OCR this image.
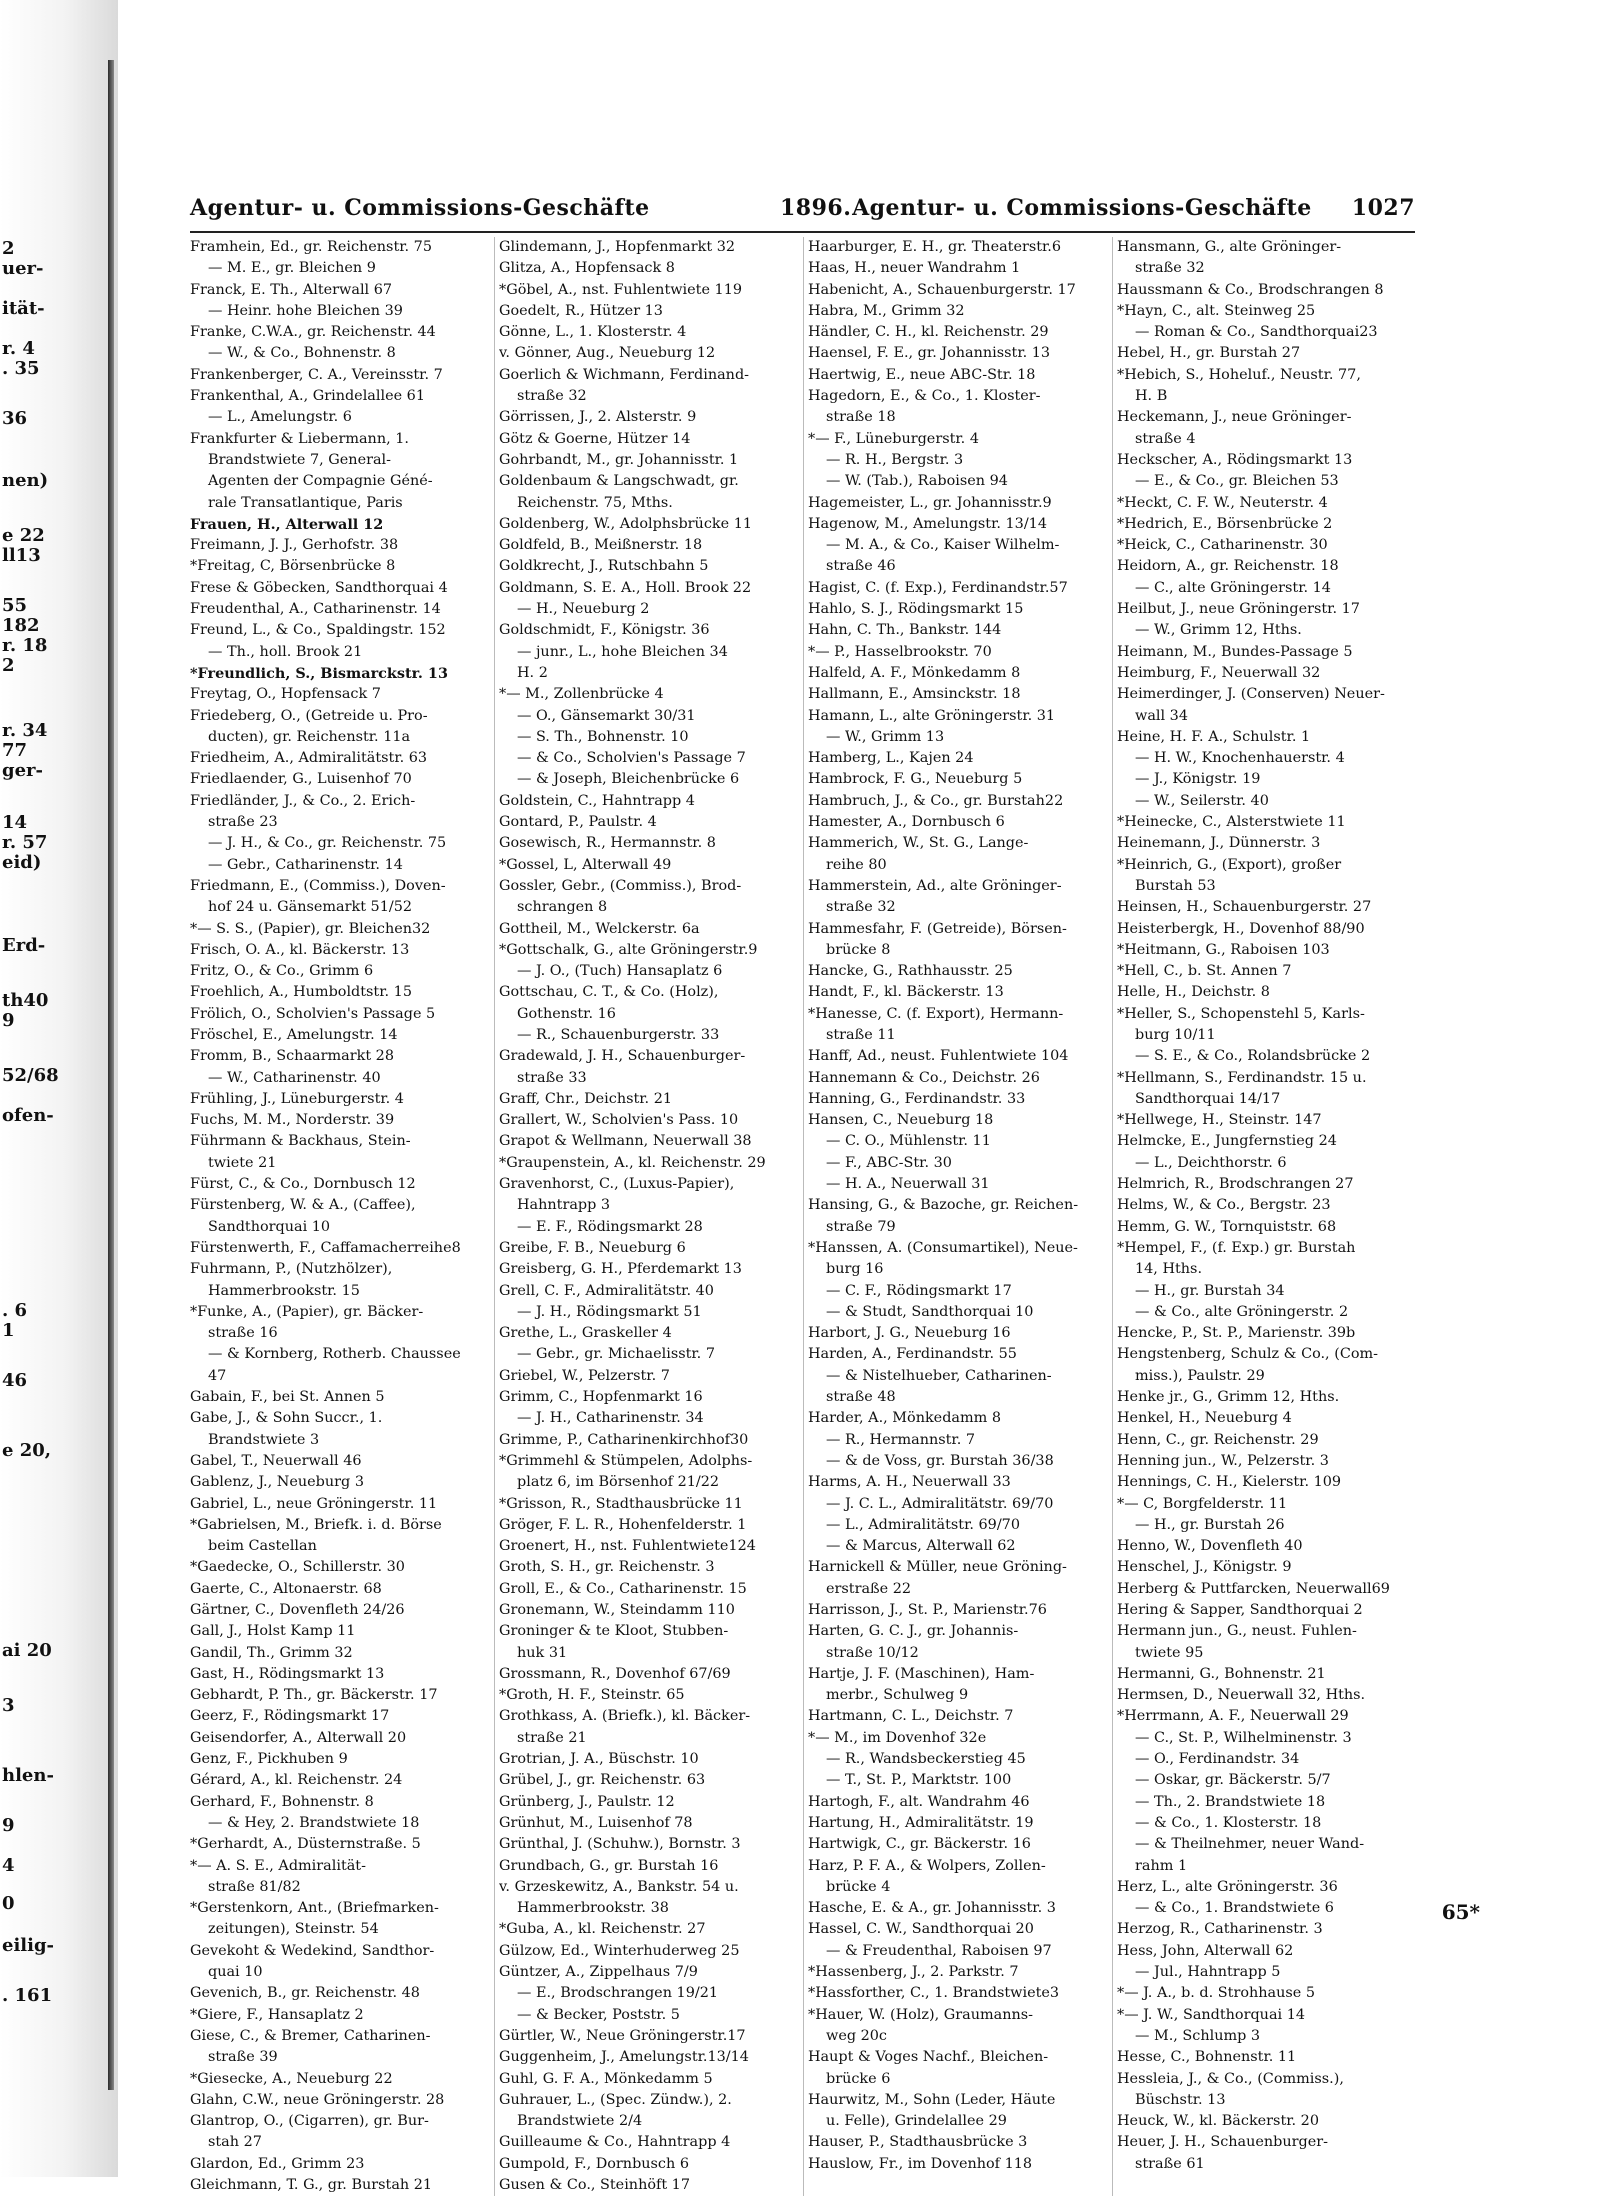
2
uer-
ität-
r. 4
. 35
36
nen)
e 22
ll13
55
182
r. 18
2
r. 34
77
ger-
14
r. 57
eid)
Erd-
th40
9
52/68
ofen-
. 6
1
46
e 20,
ai 20
3
hlen-
9
4
0
eilig-
. 161
Agentur- u. Commissions-Geschäfte	1896. Agentur- u. Commissions-Geschäfte 1027
Framhein, Ed., gr. Reichenstr. 75
— M. E., gr. Bleichen 9
Franck, E. Th., Alterwall 67
— Heinr. hohe Bleichen 39
Franke, C.W.A., gr. Reichenstr. 44
— W., & Co., Bohnenstr. 8
Frankenberger, C. A., Vereinsstr. 7
Frankenthal, A., Grindelallee 61
— L., Amelungstr. 6
Frankfurter & Liebermann, 1.
Brandstwiete 7, General-
Agenten der Compagnie Géné-
rale Transatlantique, Paris
Frauen, H., Alterwall 12
Freimann, J. J., Gerhofstr. 38
*Freitag, C, Börsenbrücke 8
Frese & Göbecken, Sandthorquai 4
Freudenthal, A., Catharinenstr. 14
Freund, L., & Co., Spaldingstr. 152
— Th., holl. Brook 21
*Freundlich, S., Bismarckstr. 13
Freytag, O., Hopfensack 7
Friedeberg, O., (Getreide u. Pro-
ducten), gr. Reichenstr. 11a
Friedheim, A., Admiralitätstr. 63
Friedlaender, G., Luisenhof 70
Friedländer, J., & Co., 2. Erich-
straße 23
— J. H., & Co., gr. Reichenstr. 75
— Gebr., Catharinenstr. 14
Friedmann, E., (Commiss.), Doven-
hof 24 u. Gänsemarkt 51/52
*— S. S., (Papier), gr. Bleichen32
Frisch, O. A., kl. Bäckerstr. 13
Fritz, O., & Co., Grimm 6
Froehlich, A., Humboldtstr. 15
Frölich, O., Scholvien's Passage 5
Fröschel, E., Amelungstr. 14
Fromm, B., Schaarmarkt 28
— W., Catharinenstr. 40
Frühling, J., Lüneburgerstr. 4
Fuchs, M. M., Norderstr. 39
Führmann & Backhaus, Stein-
twiete 21
Fürst, C., & Co., Dornbusch 12
Fürstenberg, W. & A., (Caffee),
Sandthorquai 10
Fürstenwerth, F., Caffamacherreihe8
Fuhrmann, P., (Nutzhölzer),
Hammerbrookstr. 15
*Funke, A., (Papier), gr. Bäcker-
straße 16
— & Kornberg, Rotherb. Chaussee
47
Gabain, F., bei St. Annen 5
Gabe, J., & Sohn Succr., 1.
Brandstwiete 3
Gabel, T., Neuerwall 46
Gablenz, J., Neueburg 3
Gabriel, L., neue Gröningerstr. 11
*Gabrielsen, M., Briefk. i. d. Börse
beim Castellan
*Gaedecke, O., Schillerstr. 30
Gaerte, C., Altonaerstr. 68
Gärtner, C., Dovenfleth 24/26
Gall, J., Holst Kamp 11
Gandil, Th., Grimm 32
Gast, H., Rödingsmarkt 13
Gebhardt, P. Th., gr. Bäckerstr. 17
Geerz, F., Rödingsmarkt 17
Geisendorfer, A., Alterwall 20
Genz, F., Pickhuben 9
Gérard, A., kl. Reichenstr. 24
Gerhard, F., Bohnenstr. 8
— & Hey, 2. Brandstwiete 18
*Gerhardt, A., Düsternstraße. 5
*— A. S. E., Admiralität-
straße 81/82
*Gerstenkorn, Ant., (Briefmarken-
zeitungen), Steinstr. 54
Gevekoht & Wedekind, Sandthor-
quai 10
Gevenich, B., gr. Reichenstr. 48
*Giere, F., Hansaplatz 2
Giese, C., & Bremer, Catharinen-
straße 39
*Giesecke, A., Neueburg 22
Glahn, C.W., neue Gröningerstr. 28
Glantrop, O., (Cigarren), gr. Bur-
stah 27
Glardon, Ed., Grimm 23
Gleichmann, T. G., gr. Burstah 21
Glindemann, J., Hopfenmarkt 32
Glitza, A., Hopfensack 8
*Göbel, A., nst. Fuhlentwiete 119
Goedelt, R., Hützer 13
Gönne, L., 1. Klosterstr. 4
v. Gönner, Aug., Neueburg 12
Goerlich & Wichmann, Ferdinand-
straße 32
Görrissen, J., 2. Alsterstr. 9
Götz & Goerne, Hützer 14
Gohrbandt, M., gr. Johannisstr. 1
Goldenbaum & Langschwadt, gr.
Reichenstr. 75, Mths.
Goldenberg, W., Adolphsbrücke 11
Goldfeld, B., Meißnerstr. 18
Goldkrecht, J., Rutschbahn 5
Goldmann, S. E. A., Holl. Brook 22
— H., Neueburg 2
Goldschmidt, F., Königstr. 36
— junr., L., hohe Bleichen 34
H. 2
*— M., Zollenbrücke 4
— O., Gänsemarkt 30/31
— S. Th., Bohnenstr. 10
— & Co., Scholvien's Passage 7
— & Joseph, Bleichenbrücke 6
Goldstein, C., Hahntrapp 4
Gontard, P., Paulstr. 4
Gosewisch, R., Hermannstr. 8
*Gossel, L, Alterwall 49
Gossler, Gebr., (Commiss.), Brod-
schrangen 8
Gottheil, M., Welckerstr. 6a
*Gottschalk, G., alte Gröningerstr.9
— J. O., (Tuch) Hansaplatz 6
Gottschau, C. T., & Co. (Holz),
Gothenstr. 16
— R., Schauenburgerstr. 33
Gradewald, J. H., Schauenburger-
straße 33
Graff, Chr., Deichstr. 21
Grallert, W., Scholvien's Pass. 10
Grapot & Wellmann, Neuerwall 38
*Graupenstein, A., kl. Reichenstr. 29
Gravenhorst, C., (Luxus-Papier),
Hahntrapp 3
— E. F., Rödingsmarkt 28
Greibe, F. B., Neueburg 6
Greisberg, G. H., Pferdemarkt 13
Grell, C. F., Admiralitätstr. 40
— J. H., Rödingsmarkt 51
Grethe, L., Graskeller 4
— Gebr., gr. Michaelisstr. 7
Griebel, W., Pelzerstr. 7
Grimm, C., Hopfenmarkt 16
— J. H., Catharinenstr. 34
Grimme, P., Catharinenkirchhof30
*Grimmehl & Stümpelen, Adolphs-
platz 6, im Börsenhof 21/22
*Grisson, R., Stadthausbrücke 11
Gröger, F. L. R., Hohenfelderstr. 1
Groenert, H., nst. Fuhlentwiete124
Groth, S. H., gr. Reichenstr. 3
Groll, E., & Co., Catharinenstr. 15
Gronemann, W., Steindamm 110
Groninger & te Kloot, Stubben-
huk 31
Grossmann, R., Dovenhof 67/69
*Groth, H. F., Steinstr. 65
Grothkass, A. (Briefk.), kl. Bäcker-
straße 21
Grotrian, J. A., Büschstr. 10
Grübel, J., gr. Reichenstr. 63
Grünberg, J., Paulstr. 12
Grünhut, M., Luisenhof 78
Grünthal, J. (Schuhw.), Bornstr. 3
Grundbach, G., gr. Burstah 16
v. Grzeskewitz, A., Bankstr. 54 u.
Hammerbrookstr. 38
*Guba, A., kl. Reichenstr. 27
Gülzow, Ed., Winterhuderweg 25
Güntzer, A., Zippelhaus 7/9
— E., Brodschrangen 19/21
— & Becker, Poststr. 5
Gürtler, W., Neue Gröningerstr.17
Guggenheim, J., Amelungstr.13/14
Guhl, G. F. A., Mönkedamm 5
Guhrauer, L., (Spec. Zündw.), 2.
Brandstwiete 2/4
Guilleaume & Co., Hahntrapp 4
Gumpold, F., Dornbusch 6
Gusen & Co., Steinhöft 17
Haarburger, E. H., gr. Theaterstr.6
Haas, H., neuer Wandrahm 1
Habenicht, A., Schauenburgerstr. 17
Habra, M., Grimm 32
Händler, C. H., kl. Reichenstr. 29
Haensel, F. E., gr. Johannisstr. 13
Haertwig, E., neue ABC-Str. 18
Hagedorn, E., & Co., 1. Kloster-
straße 18
*— F., Lüneburgerstr. 4
— R. H., Bergstr. 3
— W. (Tab.), Raboisen 94
Hagemeister, L., gr. Johannisstr.9
Hagenow, M., Amelungstr. 13/14
— M. A., & Co., Kaiser Wilhelm-
straße 46
Hagist, C. (f. Exp.), Ferdinandstr.57
Hahlo, S. J., Rödingsmarkt 15
Hahn, C. Th., Bankstr. 144
*— P., Hasselbrookstr. 70
Halfeld, A. F., Mönkedamm 8
Hallmann, E., Amsinckstr. 18
Hamann, L., alte Gröningerstr. 31
— W., Grimm 13
Hamberg, L., Kajen 24
Hambrock, F. G., Neueburg 5
Hambruch, J., & Co., gr. Burstah22
Hamester, A., Dornbusch 6
Hammerich, W., St. G., Lange-
reihe 80
Hammerstein, Ad., alte Gröninger-
straße 32
Hammesfahr, F. (Getreide), Börsen-
brücke 8
Hancke, G., Rathhausstr. 25
Handt, F., kl. Bäckerstr. 13
*Hanesse, C. (f. Export), Hermann-
straße 11
Hanff, Ad., neust. Fuhlentwiete 104
Hannemann & Co., Deichstr. 26
Hanning, G., Ferdinandstr. 33
Hansen, C., Neueburg 18
— C. O., Mühlenstr. 11
— F., ABC-Str. 30
— H. A., Neuerwall 31
Hansing, G., & Bazoche, gr. Reichen-
straße 79
*Hanssen, A. (Consumartikel), Neue-
burg 16
— C. F., Rödingsmarkt 17
— & Studt, Sandthorquai 10
Harbort, J. G., Neueburg 16
Harden, A., Ferdinandstr. 55
— & Nistelhueber, Catharinen-
straße 48
Harder, A., Mönkedamm 8
— R., Hermannstr. 7
— & de Voss, gr. Burstah 36/38
Harms, A. H., Neuerwall 33
— J. C. L., Admiralitätstr. 69/70
— L., Admiralitätstr. 69/70
— & Marcus, Alterwall 62
Harnickell & Müller, neue Gröning-
erstraße 22
Harrisson, J., St. P., Marienstr.76
Harten, G. C. J., gr. Johannis-
straße 10/12
Hartje, J. F. (Maschinen), Ham-
merbr., Schulweg 9
Hartmann, C. L., Deichstr. 7
*— M., im Dovenhof 32e
— R., Wandsbeckerstieg 45
— T., St. P., Marktstr. 100
Hartogh, F., alt. Wandrahm 46
Hartung, H., Admiralitätstr. 19
Hartwigk, C., gr. Bäckerstr. 16
Harz, P. F. A., & Wolpers, Zollen-
brücke 4
Hasche, E. & A., gr. Johannisstr. 3
Hassel, C. W., Sandthorquai 20
— & Freudenthal, Raboisen 97
*Hassenberg, J., 2. Parkstr. 7
*Hassforther, C., 1. Brandstwiete3
*Hauer, W. (Holz), Graumanns-
weg 20c
Haupt & Voges Nachf., Bleichen-
brücke 6
Haurwitz, M., Sohn (Leder, Häute
u. Felle), Grindelallee 29
Hauser, P., Stadthausbrücke 3
Hauslow, Fr., im Dovenhof 118
Hansmann, G., alte Gröninger-
straße 32
Haussmann & Co., Brodschrangen 8
*Hayn, C., alt. Steinweg 25
— Roman & Co., Sandthorquai23
Hebel, H., gr. Burstah 27
*Hebich, S., Hoheluf., Neustr. 77,
H. B
Heckemann, J., neue Gröninger-
straße 4
Heckscher, A., Rödingsmarkt 13
— E., & Co., gr. Bleichen 53
*Heckt, C. F. W., Neuterstr. 4
*Hedrich, E., Börsenbrücke 2
*Heick, C., Catharinenstr. 30
Heidorn, A., gr. Reichenstr. 18
— C., alte Gröningerstr. 14
Heilbut, J., neue Gröningerstr. 17
— W., Grimm 12, Hths.
Heimann, M., Bundes-Passage 5
Heimburg, F., Neuerwall 32
Heimerdinger, J. (Conserven) Neuer-
wall 34
Heine, H. F. A., Schulstr. 1
— H. W., Knochenhauerstr. 4
— J., Königstr. 19
— W., Seilerstr. 40
*Heinecke, C., Alsterstwiete 11
Heinemann, J., Dünnerstr. 3
*Heinrich, G., (Export), großer
Burstah 53
Heinsen, H., Schauenburgerstr. 27
Heisterbergk, H., Dovenhof 88/90
*Heitmann, G., Raboisen 103
*Hell, C., b. St. Annen 7
Helle, H., Deichstr. 8
*Heller, S., Schopenstehl 5, Karls-
burg 10/11
— S. E., & Co., Rolandsbrücke 2
*Hellmann, S., Ferdinandstr. 15 u.
Sandthorquai 14/17
*Hellwege, H., Steinstr. 147
Helmcke, E., Jungfernstieg 24
— L., Deichthorstr. 6
Helmrich, R., Brodschrangen 27
Helms, W., & Co., Bergstr. 23
Hemm, G. W., Tornquiststr. 68
*Hempel, F., (f. Exp.) gr. Burstah
14, Hths.
— H., gr. Burstah 34
— & Co., alte Gröningerstr. 2
Hencke, P., St. P., Marienstr. 39b
Hengstenberg, Schulz & Co., (Com-
miss.), Paulstr. 29
Henke jr., G., Grimm 12, Hths.
Henkel, H., Neueburg 4
Henn, C., gr. Reichenstr. 29
Henning jun., W., Pelzerstr. 3
Hennings, C. H., Kielerstr. 109
*— C, Borgfelderstr. 11
— H., gr. Burstah 26
Henno, W., Dovenfleth 40
Henschel, J., Königstr. 9
Herberg & Puttfarcken, Neuerwall69
Hering & Sapper, Sandthorquai 2
Hermann jun., G., neust. Fuhlen-
twiete 95
Hermanni, G., Bohnenstr. 21
Hermsen, D., Neuerwall 32, Hths.
*Herrmann, A. F., Neuerwall 29
— C., St. P., Wilhelminenstr. 3
— O., Ferdinandstr. 34
— Oskar, gr. Bäckerstr. 5/7
— Th., 2. Brandstwiete 18
— & Co., 1. Klosterstr. 18
— & Theilnehmer, neuer Wand-
rahm 1
Herz, L., alte Gröningerstr. 36
— & Co., 1. Brandstwiete 6
Herzog, R., Catharinenstr. 3
Hess, John, Alterwall 62
— Jul., Hahntrapp 5
*— J. A., b. d. Strohhause 5
*— J. W., Sandthorquai 14
— M., Schlump 3
Hesse, C., Bohnenstr. 11
Hessleia, J., & Co., (Commiss.),
Büschstr. 13
Heuck, W., kl. Bäckerstr. 20
Heuer, J. H., Schauenburger-
straße 61
65*
